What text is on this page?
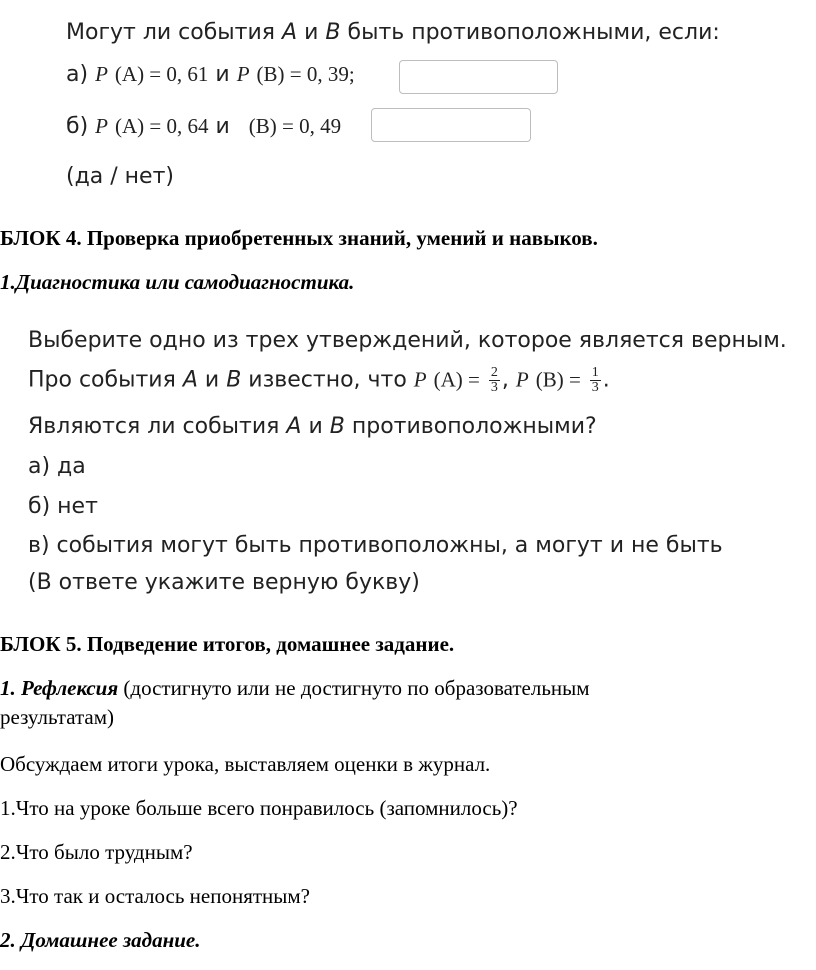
Могут ли события A и B быть противоположными, если:
а) P (A) = 0, 61 и P (B) = 0, 39;
б) P (A) = 0, 64 и (B) = 0, 49
(да / нет)
БЛОК 4. Проверка приобретенных знаний, умений и навыков.
1.Диагностика или самодиагностика.
Выберите одно из трех утверждений, которое является верным.
Про события A и B известно, что P $(A) = \frac{2}{3}$ , P $(B) = \frac{1}{3}$ .
Являются ли события A и B противоположными?
а) да
б) нет
в) события могут быть противоположны, а могут и не быть
(В ответе укажите верную букву)
БЛОК 5. Подведение итогов, домашнее задание.
1. Рефлексия (достигнуто или не достигнуто по образовательным
результатам)
Обсуждаем итоги урока, выставляем оценки в журнал.
1.Что на уроке больше всего понравилось (запомнилось)?
2.Что было трудным?
3.Что так и осталось непонятным?
2. Домашнее задание.
